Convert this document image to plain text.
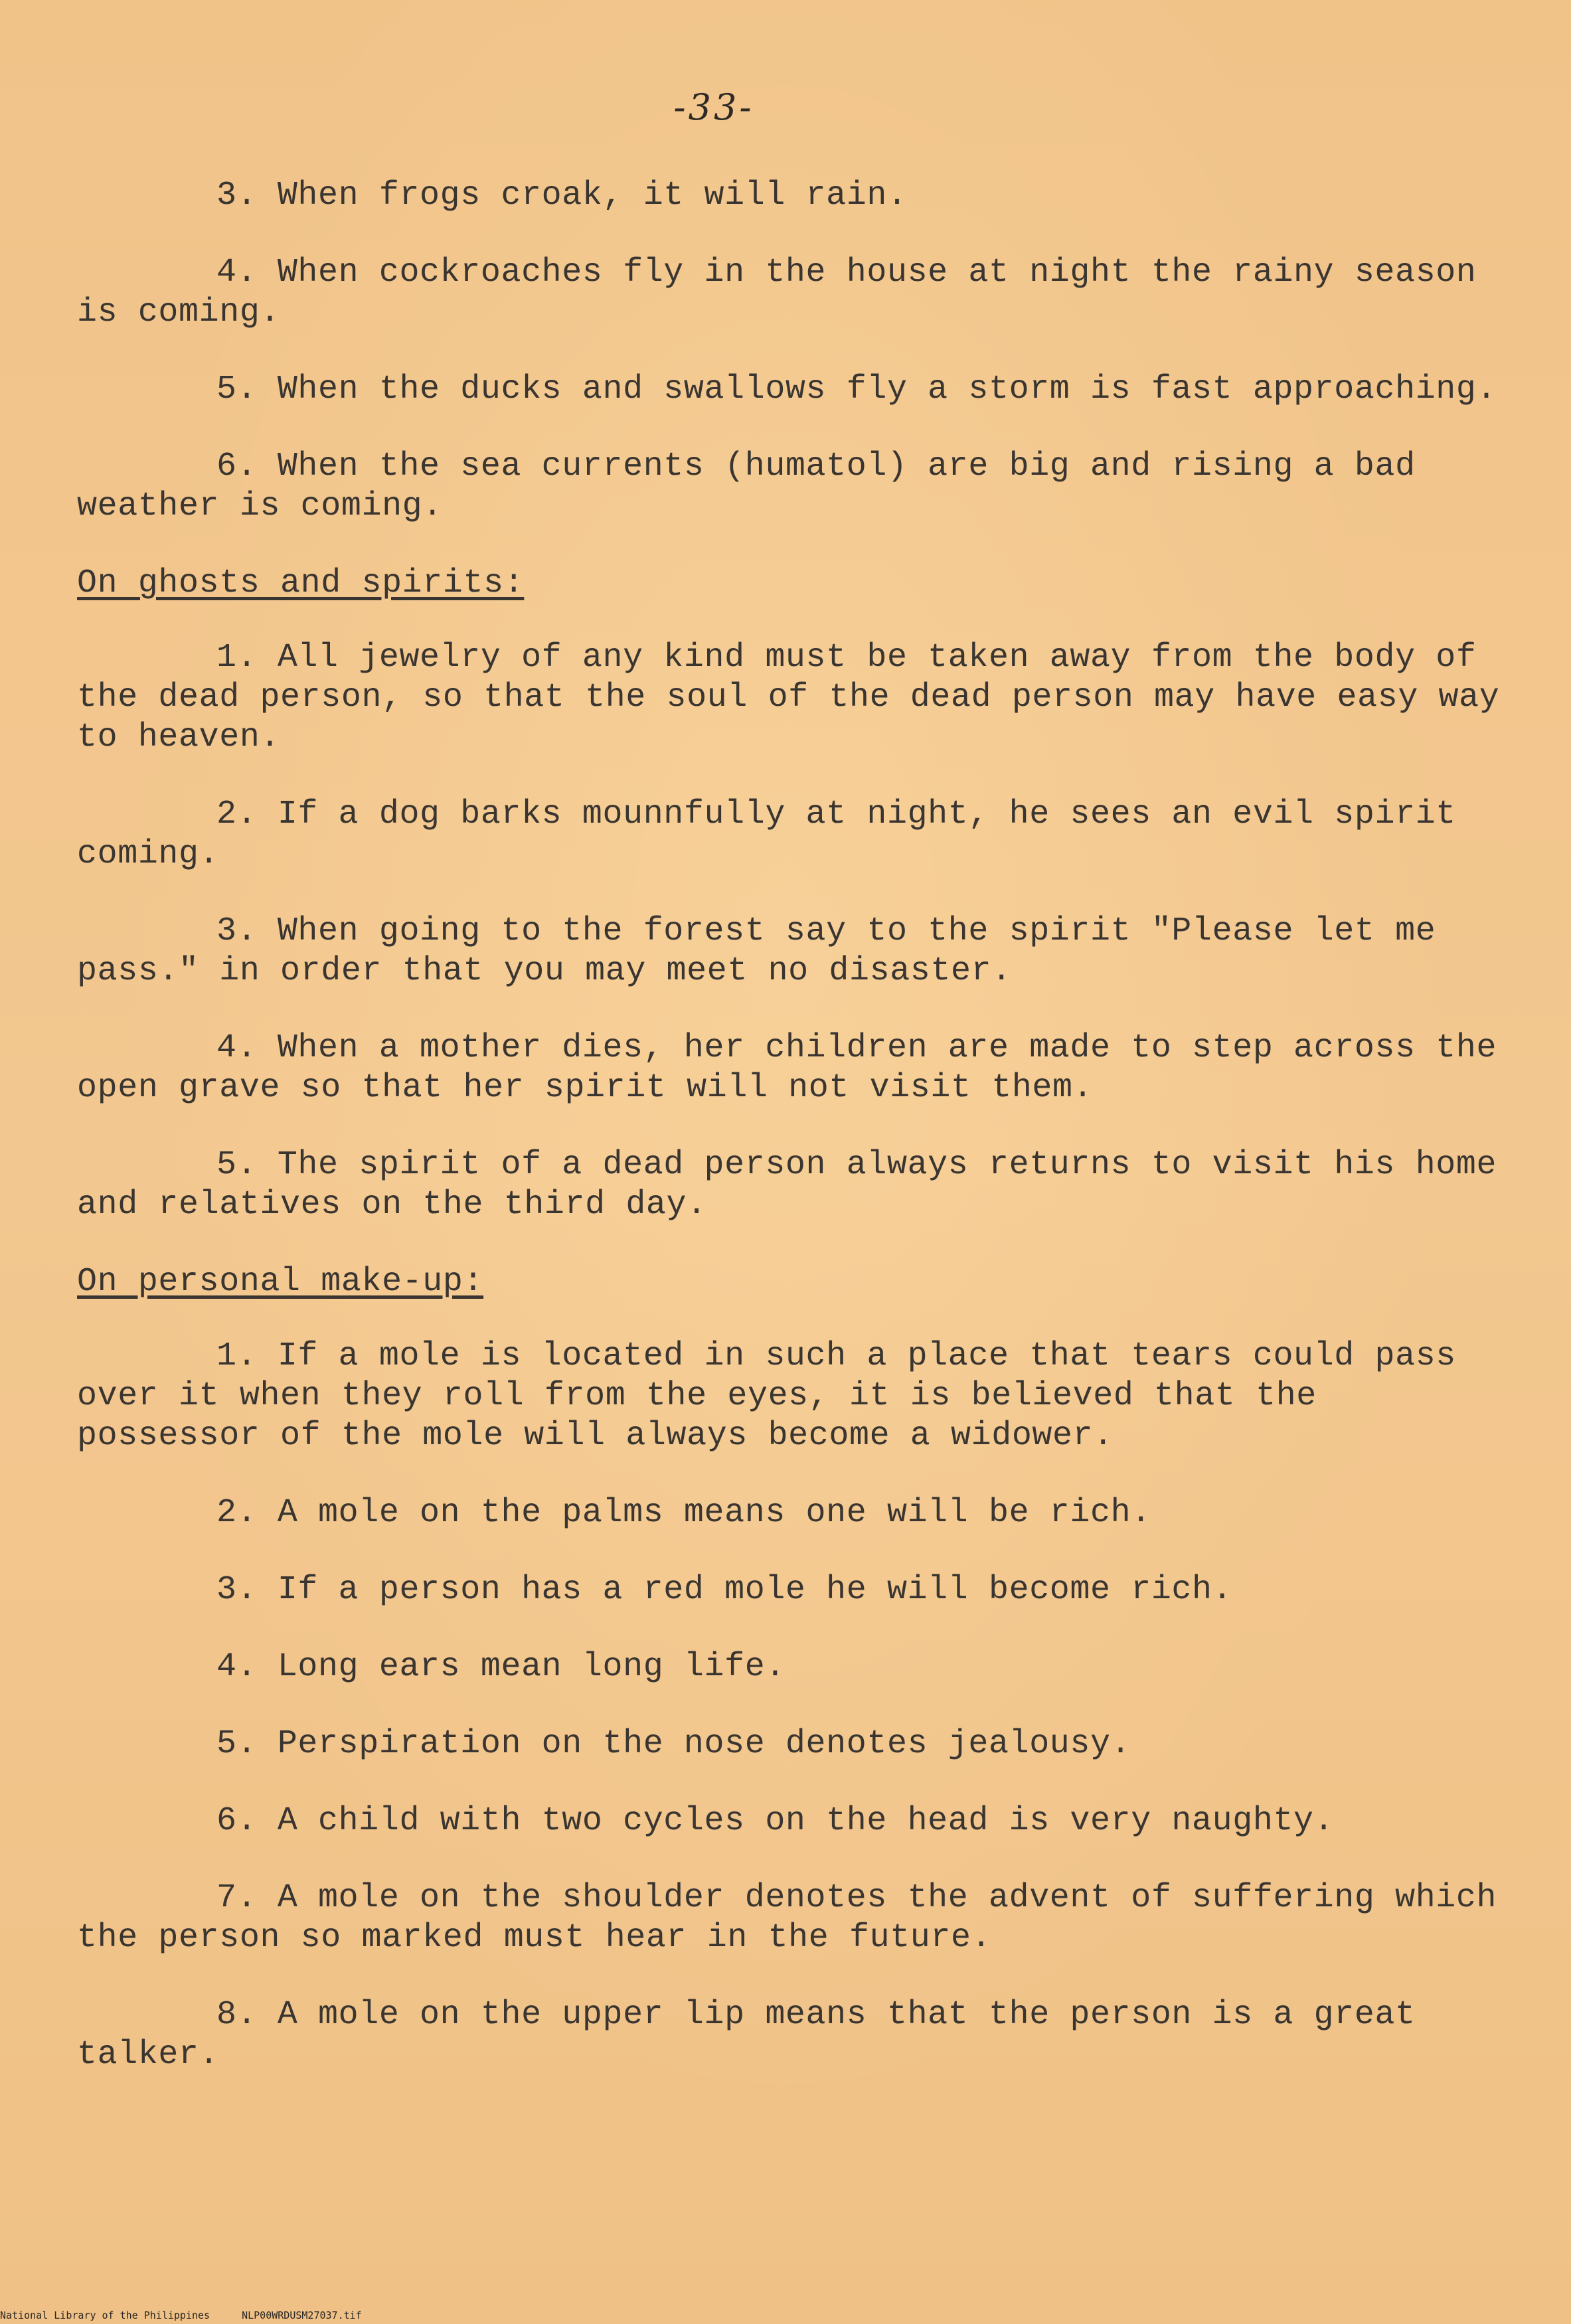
-33-

3. When frogs croak, it will rain.

4. When cockroaches fly in the house at night the rainy season is coming.

5. When the ducks and swallows fly a storm is fast approaching.

6. When the sea currents (humatol) are big and rising a bad weather is coming.

On ghosts and spirits:

1. All jewelry of any kind must be taken away from the body of the dead person, so that the soul of the dead person may have easy way to heaven.

2. If a dog barks mounnfully at night, he sees an evil spirit coming.

3. When going to the forest say to the spirit "Please let me pass." in order that you may meet no disaster.

4. When a mother dies, her children are made to step across the open grave so that her spirit will not visit them.

5. The spirit of a dead person always returns to visit his home and relatives on the third day.

On personal make-up:

1. If a mole is located in such a place that tears could pass over it when they roll from the eyes, it is believed that the possessor of the mole will always become a widower.

2. A mole on the palms means one will be rich.

3. If a person has a red mole he will become rich.

4. Long ears mean long life.

5. Perspiration on the nose denotes jealousy.

6. A child with two cycles on the head is very naughty.

7. A mole on the shoulder denotes the advent of suffering which the person so marked must hear in the future.

8. A mole on the upper lip means that the person is a great talker.

National Library of the Philippines	NLP00WRDUSM27037.tif
